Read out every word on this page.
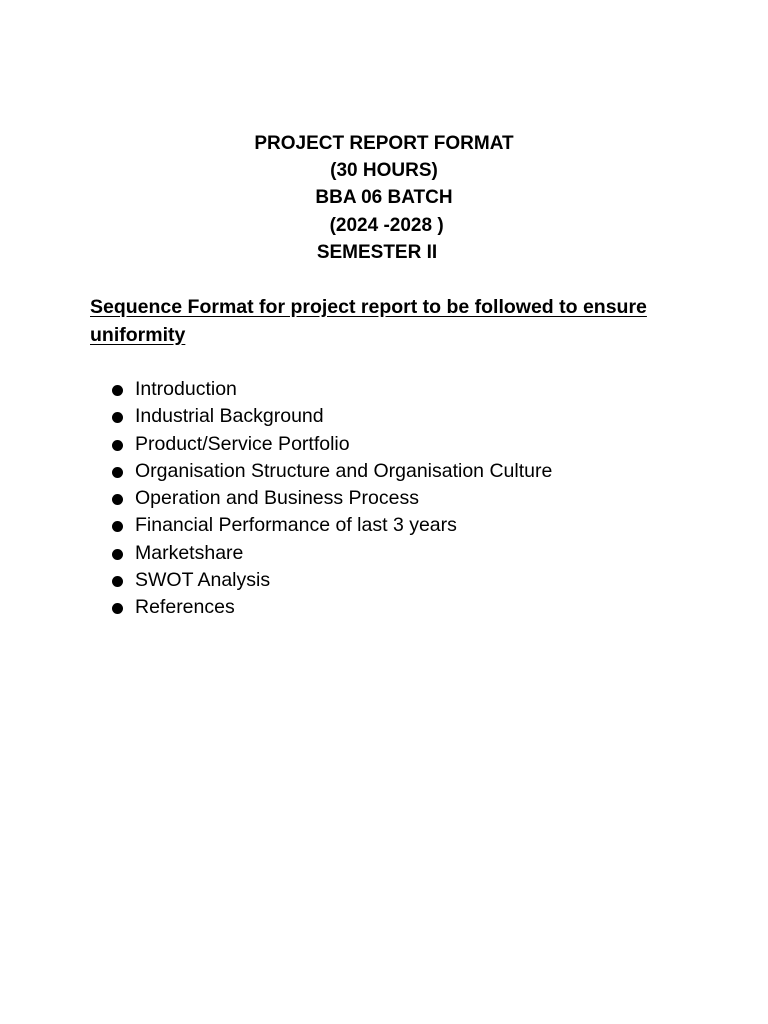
PROJECT REPORT FORMAT
(30 HOURS)
BBA 06 BATCH
(2024 -2028 )
SEMESTER II
Sequence Format for project report to be followed to ensure uniformity
Introduction
Industrial Background
Product/Service Portfolio
Organisation Structure and Organisation Culture
Operation and Business Process
Financial Performance of last 3 years
Marketshare
SWOT Analysis
References
